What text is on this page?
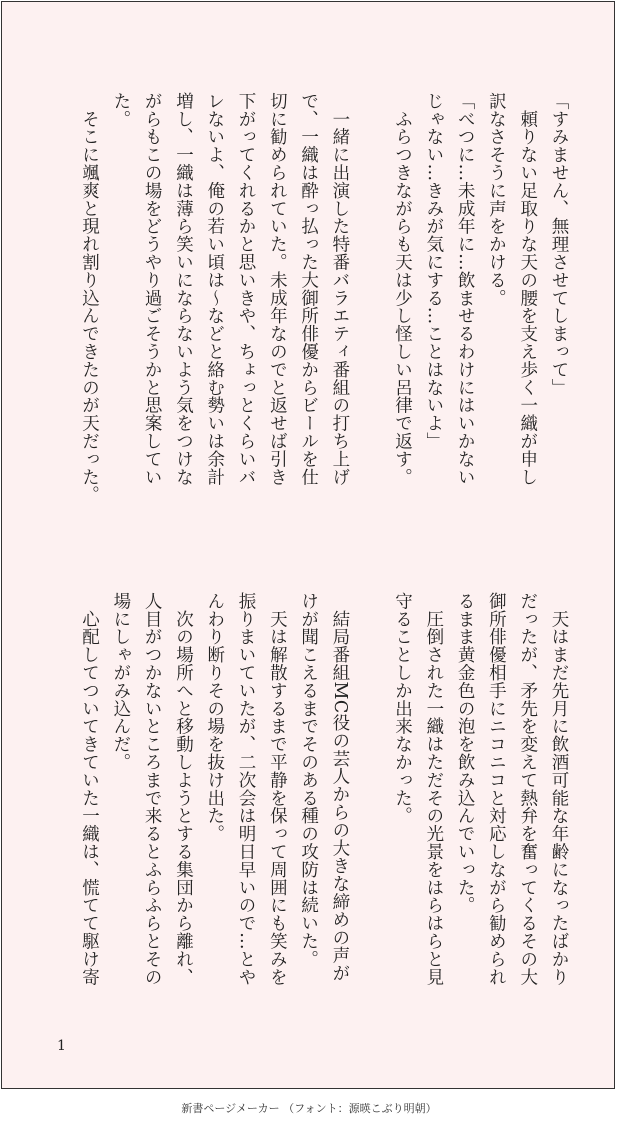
「すみません、無理させてしまって」
　頼りない足取りな天の腰を支え歩く一織が申し
訳なさそうに声をかける。
「べつに…未成年に…飲ませるわけにはいかない
じゃない…きみが気にする…ことはないよ」
　ふらつきながらも天は少し怪しい呂律で返す。

　一緒に出演した特番バラエティ番組の打ち上げ
で、一織は酔っ払った大御所俳優からビールを仕
切に勧められていた。未成年なのでと返せば引き
下がってくれるかと思いきや、ちょっとくらいバ
レないよ、俺の若い頃は〜などと絡む勢いは余計
増し、一織は薄ら笑いにならないよう気をつけな
がらもこの場をどうやり過ごそうかと思案してい
た。
　そこに颯爽と現れ割り込んできたのが天だった。
　天はまだ先月に飲酒可能な年齢になったばかり
だったが、矛先を変えて熱弁を奮ってくるその大
御所俳優相手にニコニコと対応しながら勧められ
るまま黄金色の泡を飲み込んでいった。
　圧倒された一織はただその光景をはらはらと見
守ることしか出来なかった。

　結局番組MC役の芸人からの大きな締めの声が
けが聞こえるまでそのある種の攻防は続いた。
　天は解散するまで平静を保って周囲にも笑みを
振りまいていたが、二次会は明日早いので…とや
んわり断りその場を抜け出た。
　次の場所へと移動しようとする集団から離れ、
人目がつかないところまで来るとふらふらとその
場にしゃがみ込んだ。
　心配してついてきていた一織は、慌てて駆け寄
1
新書ページメーカー （フォント：源暎こぶり明朝）
